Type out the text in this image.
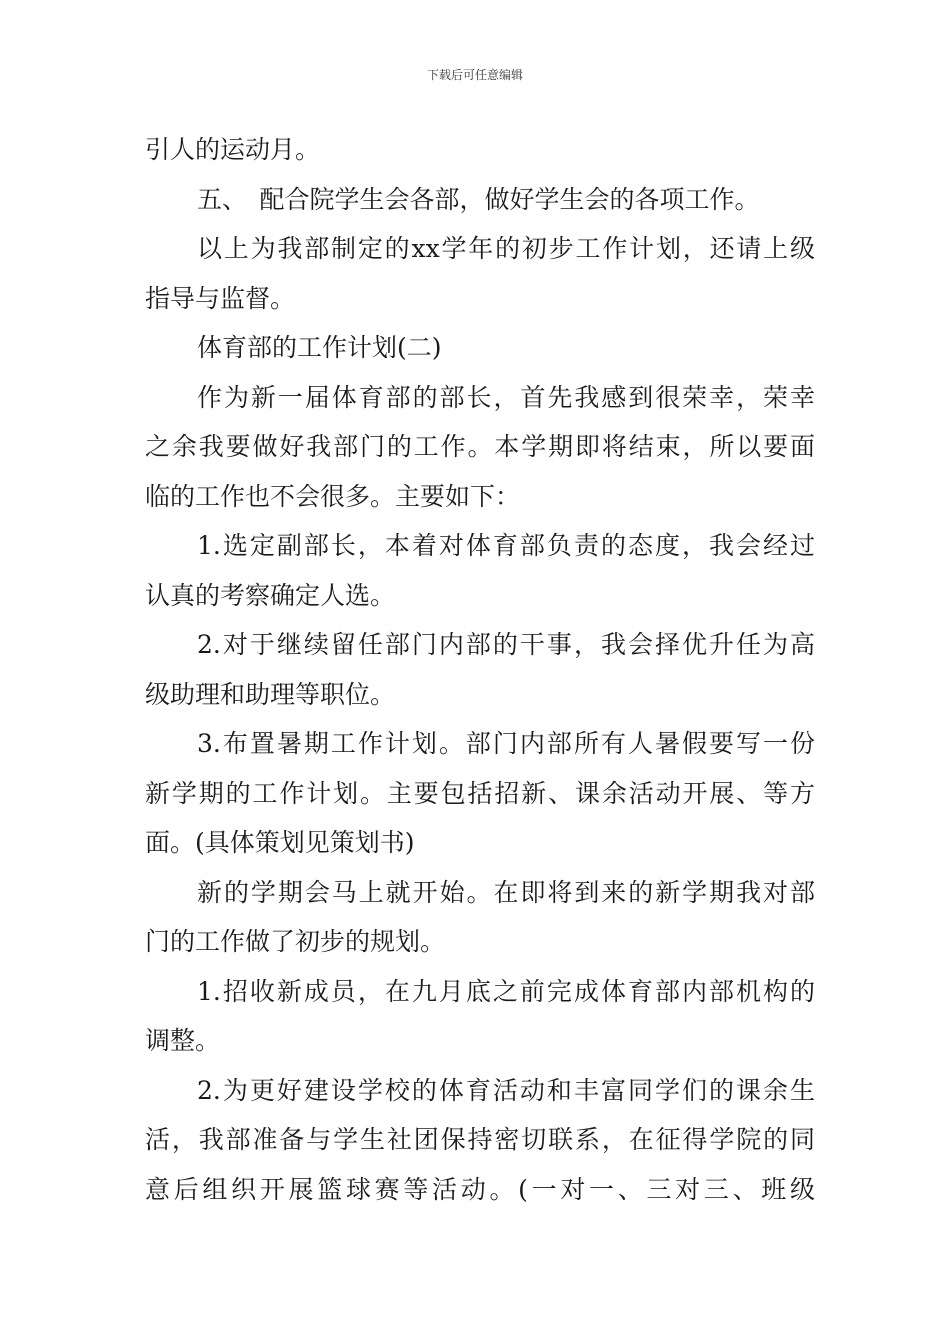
下载后可任意编辑
引人的运动月。
五、　配合院学生会各部，做好学生会的各项工作。
以上为我部制定的xx学年的初步工作计划，还请上级
指导与监督。
体育部的工作计划(二)
作为新一届体育部的部长，首先我感到很荣幸，荣幸
之余我要做好我部门的工作。本学期即将结束，所以要面
临的工作也不会很多。主要如下：
1.选定副部长，本着对体育部负责的态度，我会经过
认真的考察确定人选。
2.对于继续留任部门内部的干事，我会择优升任为高
级助理和助理等职位。
3.布置暑期工作计划。部门内部所有人暑假要写一份
新学期的工作计划。主要包括招新、课余活动开展、等方
面。(具体策划见策划书)
新的学期会马上就开始。在即将到来的新学期我对部
门的工作做了初步的规划。
1.招收新成员，在九月底之前完成体育部内部机构的
调整。
2.为更好建设学校的体育活动和丰富同学们的课余生
活，我部准备与学生社团保持密切联系，在征得学院的同
意后组织开展篮球赛等活动。(一对一、三对三、班级
